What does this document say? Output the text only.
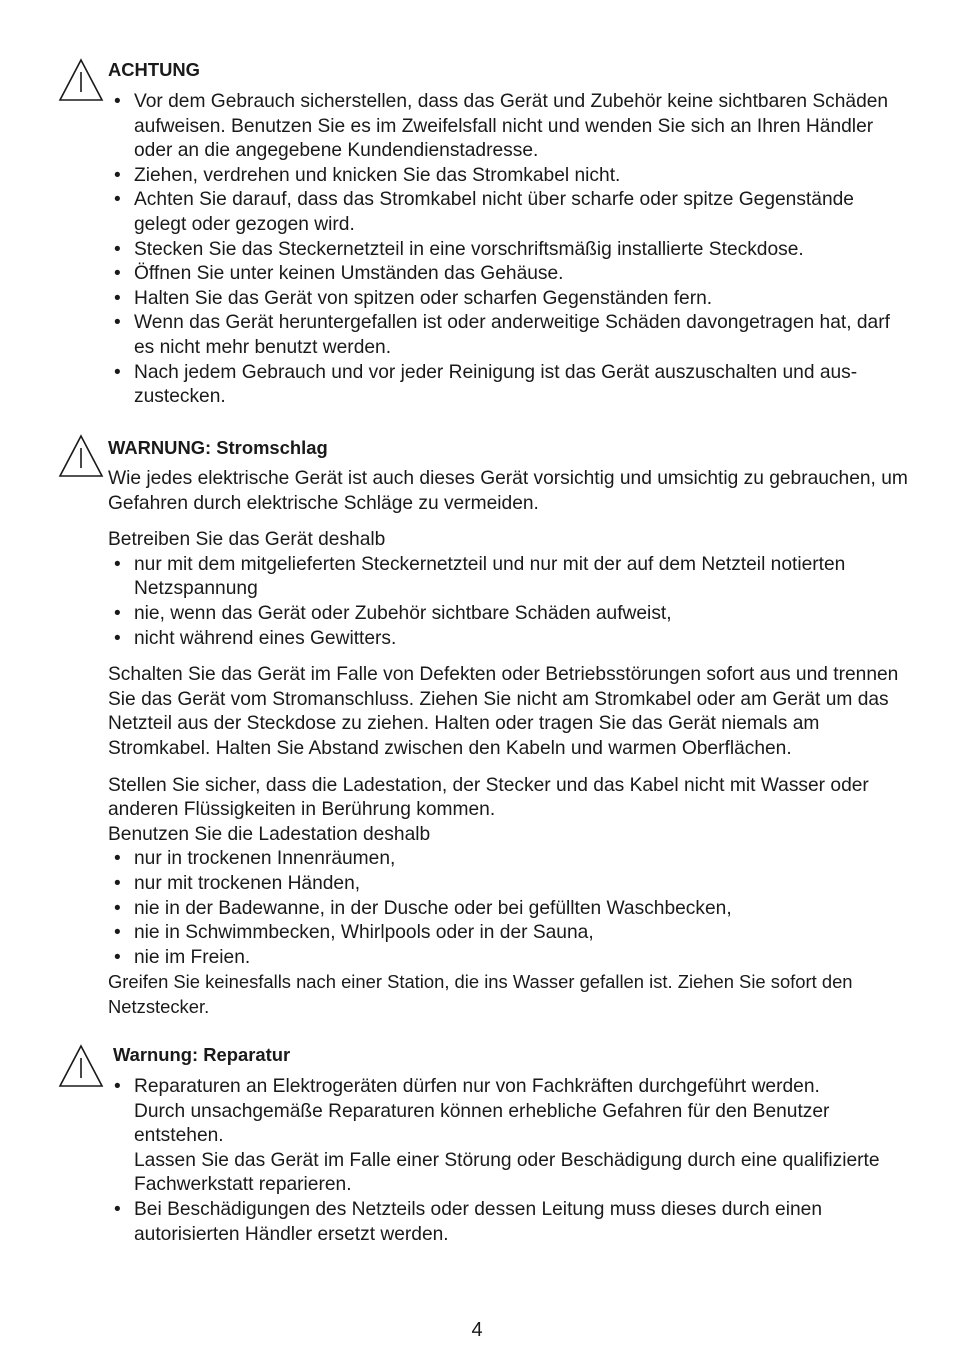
ACHTUNG
• Vor dem Gebrauch sicherstellen, dass das Gerät und Zubehör keine sichtbaren Schäden aufweisen. Benutzen Sie es im Zweifelsfall nicht und wenden Sie sich an Ihren Händler oder an die angegebene Kundendienstadresse.
• Ziehen, verdrehen und knicken Sie das Stromkabel nicht.
• Achten Sie darauf, dass das Stromkabel nicht über scharfe oder spitze Gegenstände gelegt oder gezogen wird.
• Stecken Sie das Steckernetzteil in eine vorschriftsmäßig installierte Steckdose.
• Öffnen Sie unter keinen Umständen das Gehäuse.
• Halten Sie das Gerät von spitzen oder scharfen Gegenständen fern.
• Wenn das Gerät heruntergefallen ist oder anderweitige Schäden davongetragen hat, darf es nicht mehr benutzt werden.
• Nach jedem Gebrauch und vor jeder Reinigung ist das Gerät auszuschalten und auszustecken.
WARNUNG: Stromschlag

Wie jedes elektrische Gerät ist auch dieses Gerät vorsichtig und umsichtig zu gebrauchen, um Gefahren durch elektrische Schläge zu vermeiden.

Betreiben Sie das Gerät deshalb

• nur mit dem mitgelieferten Steckernetzteil und nur mit der auf dem Netzteil notierten Netzspannung
• nie, wenn das Gerät oder Zubehör sichtbare Schäden aufweist,
• nicht während eines Gewitters.

Schalten Sie das Gerät im Falle von Defekten oder Betriebsstörungen sofort aus und trennen Sie das Gerät vom Stromanschluss. Ziehen Sie nicht am Stromkabel oder am Gerät um das Netzteil aus der Steckdose zu ziehen. Halten oder tragen Sie das Gerät niemals am Stromkabel. Halten Sie Abstand zwischen den Kabeln und warmen Oberflächen.

Stellen Sie sicher, dass die Ladestation, der Stecker und das Kabel nicht mit Wasser oder anderen Flüssigkeiten in Berührung kommen.

Benutzen Sie die Ladestation deshalb

• nur in trockenen Innenräumen,
• nur mit trockenen Händen,
• nie in der Badewanne, in der Dusche oder bei gefüllten Waschbecken,
• nie in Schwimmbecken, Whirlpools oder in der Sauna,
• nie im Freien.

Greifen Sie keinesfalls nach einer Station, die ins Wasser gefallen ist. Ziehen Sie sofort den Netzstecker.

Warnung: Reparatur
• Reparaturen an Elektrogeräten dürfen nur von Fachkräften durchgeführt werden.
Durch unsachgemäße Reparaturen können erhebliche Gefahren für den Benutzer entstehen.
Lassen Sie das Gerät im Falle einer Störung oder Beschädigung durch eine qualifizierte Fachwerkstatt reparieren.
• Bei Beschädigungen des Netzteils oder dessen Leitung muss dieses durch einen autorisierten Händler ersetzt werden.
4
